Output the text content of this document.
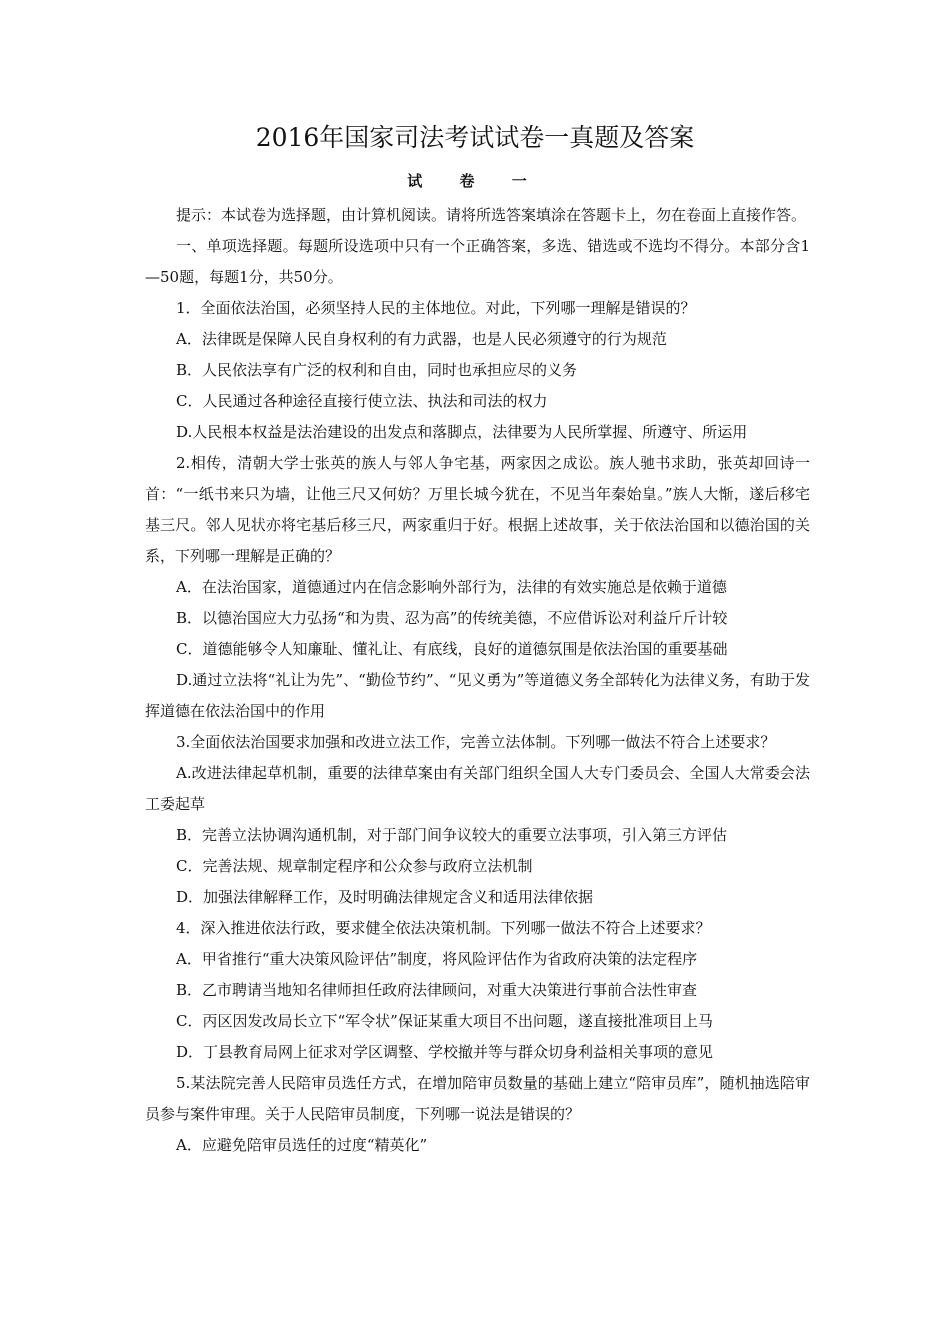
2016年国家司法考试试卷一真题及答案
试 卷 一

提示：本试卷为选择题，由计算机阅读。请将所选答案填涂在答题卡上，勿在卷面上直接作答。

一、单项选择题。每题所设选项中只有一个正确答案，多选、错选或不选均不得分。本部分含1—50题，每题1分，共50分。

1．全面依法治国，必须坚持人民的主体地位。对此，下列哪一理解是错误的？

A．法律既是保障人民自身权利的有力武器，也是人民必须遵守的行为规范

B．人民依法享有广泛的权利和自由，同时也承担应尽的义务

C．人民通过各种途径直接行使立法、执法和司法的权力

D.人民根本权益是法治建设的出发点和落脚点，法律要为人民所掌握、所遵守、所运用

2.相传，清朝大学士张英的族人与邻人争宅基，两家因之成讼。族人驰书求助，张英却回诗一首：“一纸书来只为墙，让他三尺又何妨？万里长城今犹在，不见当年秦始皇。”族人大惭，遂后移宅基三尺。邻人见状亦将宅基后移三尺，两家重归于好。根据上述故事，关于依法治国和以德治国的关系，下列哪一理解是正确的？

A．在法治国家，道德通过内在信念影响外部行为，法律的有效实施总是依赖于道德

B．以德治国应大力弘扬“和为贵、忍为高”的传统美德，不应借诉讼对利益斤斤计较

C．道德能够令人知廉耻、懂礼让、有底线，良好的道德氛围是依法治国的重要基础

D.通过立法将“礼让为先”、“勤俭节约”、“见义勇为”等道德义务全部转化为法律义务，有助于发挥道德在依法治国中的作用

3.全面依法治国要求加强和改进立法工作，完善立法体制。下列哪一做法不符合上述要求？

A.改进法律起草机制，重要的法律草案由有关部门组织全国人大专门委员会、全国人大常委会法工委起草

B．完善立法协调沟通机制，对于部门间争议较大的重要立法事项，引入第三方评估

C．完善法规、规章制定程序和公众参与政府立法机制

D．加强法律解释工作，及时明确法律规定含义和适用法律依据

4．深入推进依法行政，要求健全依法决策机制。下列哪一做法不符合上述要求？

A．甲省推行“重大决策风险评估”制度，将风险评估作为省政府决策的法定程序

B．乙市聘请当地知名律师担任政府法律顾问，对重大决策进行事前合法性审查

C．丙区因发改局长立下“军令状”保证某重大项目不出问题，遂直接批准项目上马

D．丁县教育局网上征求对学区调整、学校撤并等与群众切身利益相关事项的意见

5.某法院完善人民陪审员选任方式，在增加陪审员数量的基础上建立“陪审员库”，随机抽选陪审员参与案件审理。关于人民陪审员制度，下列哪一说法是错误的？

A．应避免陪审员选任的过度“精英化”
